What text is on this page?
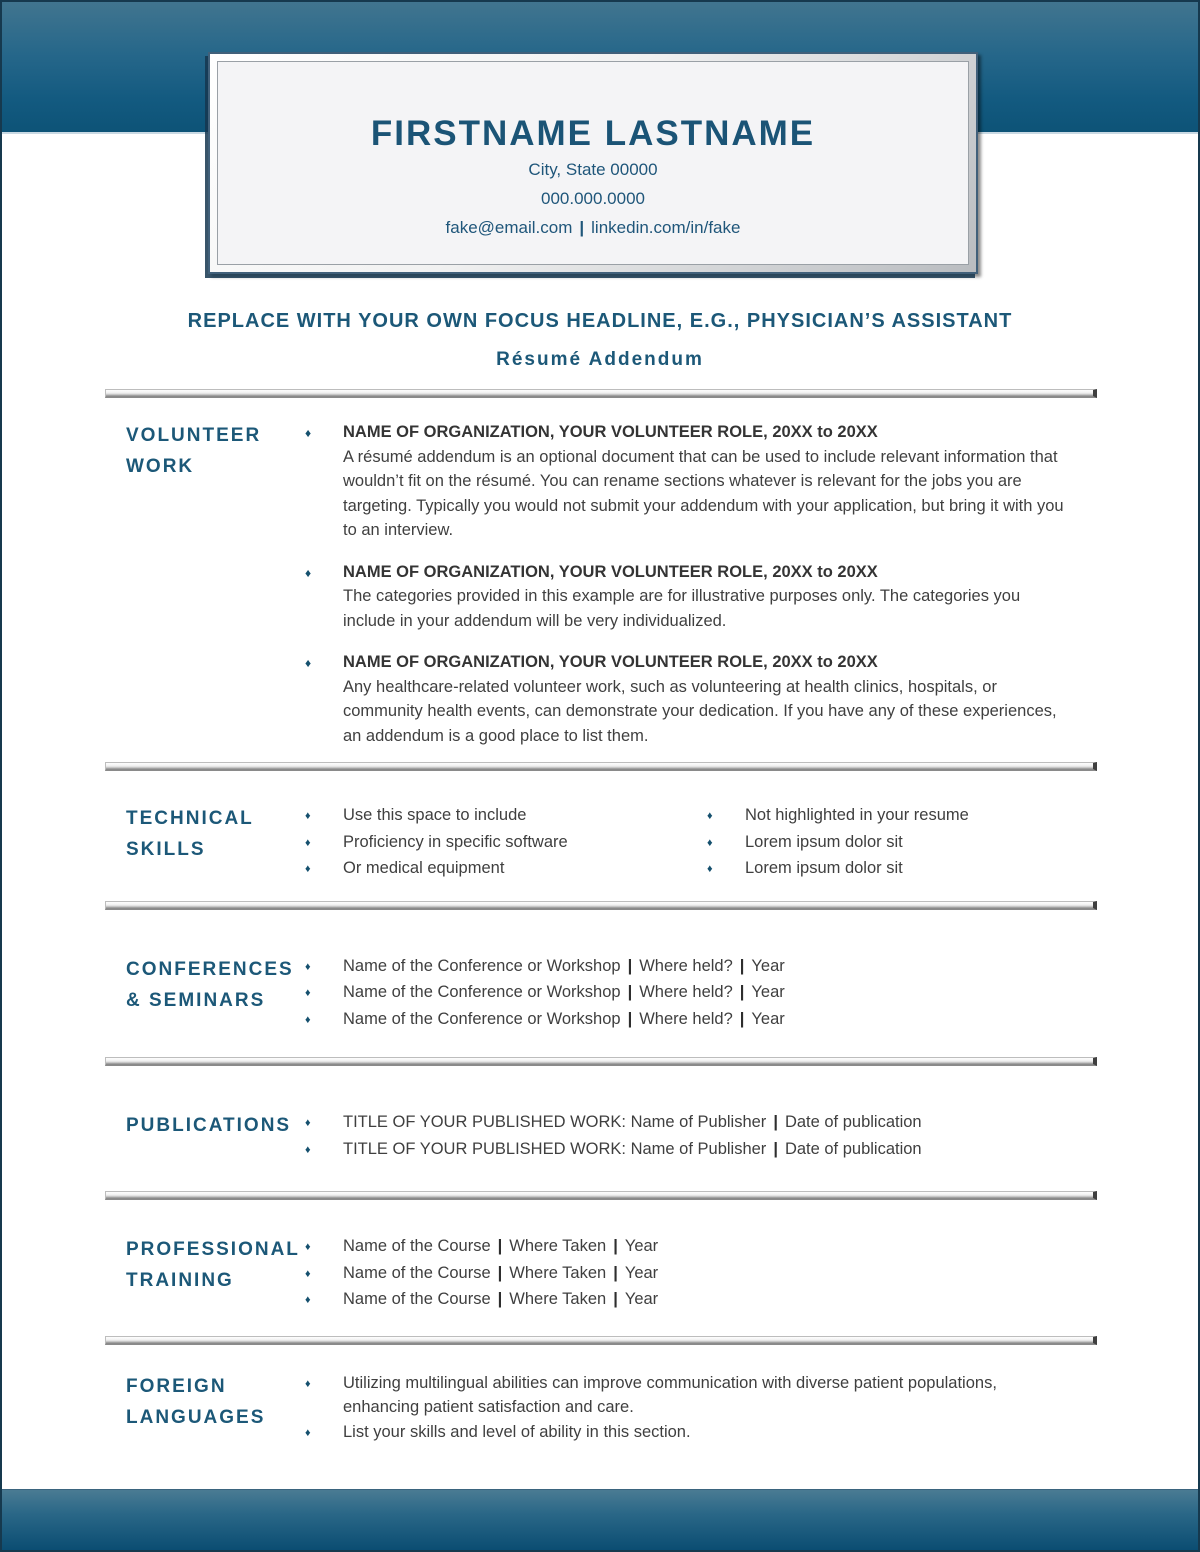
FIRSTNAME LASTNAME
City, State 00000
000.000.0000
fake@email.com | linkedin.com/in/fake
REPLACE WITH YOUR OWN FOCUS HEADLINE, E.G., PHYSICIAN’S ASSISTANT
Résumé Addendum
VOLUNTEER WORK
♦	NAME OF ORGANIZATION, YOUR VOLUNTEER ROLE, 20XX to 20XX
A résumé addendum is an optional document that can be used to include relevant information that wouldn’t fit on the résumé. You can rename sections whatever is relevant for the jobs you are targeting. Typically you would not submit your addendum with your application, but bring it with you to an interview.
♦	NAME OF ORGANIZATION, YOUR VOLUNTEER ROLE, 20XX to 20XX
The categories provided in this example are for illustrative purposes only. The categories you include in your addendum will be very individualized.
♦	NAME OF ORGANIZATION, YOUR VOLUNTEER ROLE, 20XX to 20XX
Any healthcare-related volunteer work, such as volunteering at health clinics, hospitals, or community health events, can demonstrate your dedication. If you have any of these experiences, an addendum is a good place to list them.
TECHNICAL SKILLS
♦	Use this space to include
♦	Proficiency in specific software
♦	Or medical equipment
♦	Not highlighted in your resume
♦	Lorem ipsum dolor sit
♦	Lorem ipsum dolor sit
CONFERENCES & SEMINARS
♦	Name of the Conference or Workshop | Where held? | Year
♦	Name of the Conference or Workshop | Where held? | Year
♦	Name of the Conference or Workshop | Where held? | Year
PUBLICATIONS	♦	TITLE OF YOUR PUBLISHED WORK: Name of Publisher | Date of publication
♦	TITLE OF YOUR PUBLISHED WORK: Name of Publisher | Date of publication
PROFESSIONAL TRAINING
♦	Name of the Course | Where Taken | Year
♦	Name of the Course | Where Taken | Year
♦	Name of the Course | Where Taken | Year
FOREIGN LANGUAGES
♦	Utilizing multilingual abilities can improve communication with diverse patient populations, enhancing patient satisfaction and care.
♦	List your skills and level of ability in this section.
